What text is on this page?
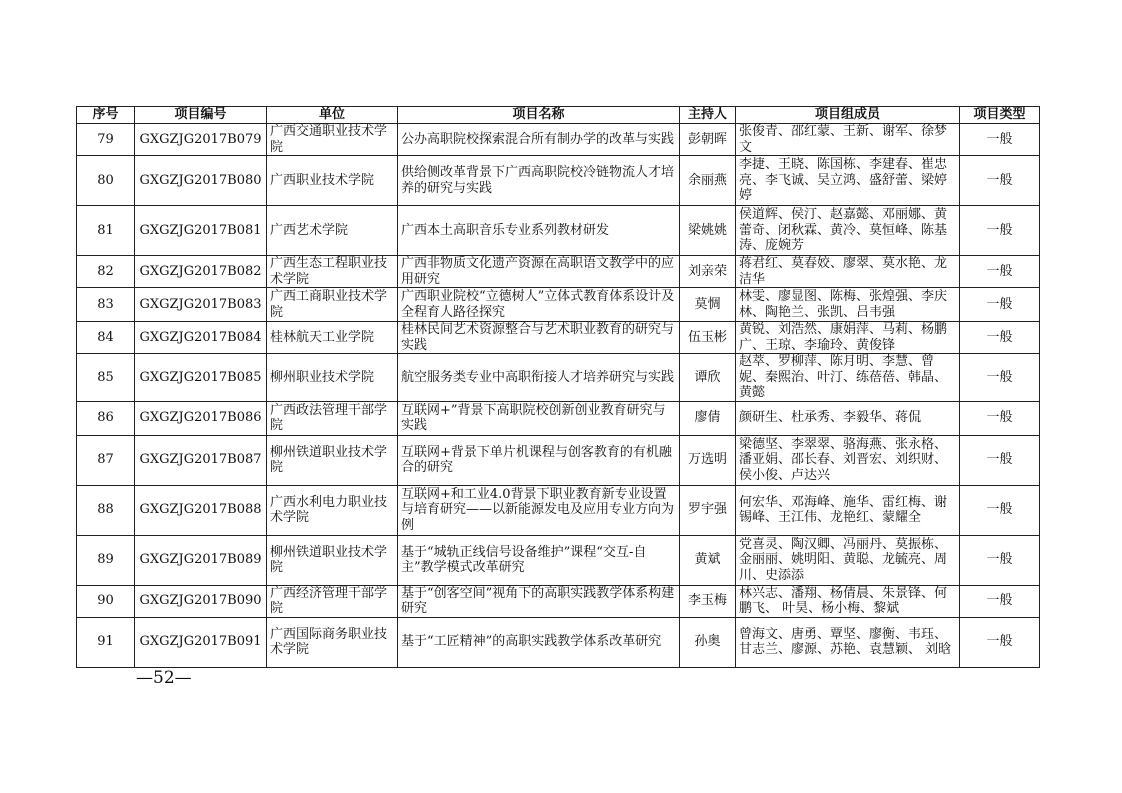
序号	项目编号	单位	项目名称	主持人	项目组成员	项目类型
79	GXGZJG2017B079	广西交通职业技术学院	公办高职院校探索混合所有制办学的改革与实践	彭朝晖	张俊青、邵红蒙、王新、谢军、徐梦文	一般
80	GXGZJG2017B080	广西职业技术学院	供给侧改革背景下广西高职院校冷链物流人才培养的研究与实践	余丽燕	李捷、王晓、陈国栋、李建春、崔忠亮、李飞诚、吴立鸿、盛舒蕾、梁婷婷	一般
81	GXGZJG2017B081	广西艺术学院	广西本土高职音乐专业系列教材研发	梁姚姚	侯道辉、侯汀、赵嘉懿、邓丽娜、黄蕾奇、闭秋霖、黄冷、莫恒峰、陈基涛、庞婉芳	一般
82	GXGZJG2017B082	广西生态工程职业技术学院	广西非物质文化遗产资源在高职语文教学中的应用研究	刘亲荣	蒋君红、莫春姣、廖翠、莫水艳、龙洁华	一般
83	GXGZJG2017B083	广西工商职业技术学院	广西职业院校“立德树人”立体式教育体系设计及全程育人路径探究	莫惆	林雯、廖显图、陈梅、张煌强、李庆林、陶艳兰、张凯、吕韦强	一般
84	GXGZJG2017B084	桂林航天工业学院	桂林民间艺术资源整合与艺术职业教育的研究与实践	伍玉彬	黄锐、刘浩然、康娟萍、马莉、杨鹏广、王琼、李瑜玲、黄俊锋	一般
85	GXGZJG2017B085	柳州职业技术学院	航空服务类专业中高职衔接人才培养研究与实践	谭欣	赵萃、罗柳萍、陈月明、李慧、曾妮、秦熙治、叶汀、练蓓蓓、韩晶、黄懿	一般
86	GXGZJG2017B086	广西政法管理干部学院	互联网+”背景下高职院校创新创业教育研究与实践	廖倩	颜研生、杜承秀、李毅华、蒋侃	一般
87	GXGZJG2017B087	柳州铁道职业技术学院	互联网+背景下单片机课程与创客教育的有机融合的研究	万选明	梁德坚、李翠翠、骆海燕、张永格、潘亚娟、邵长春、刘晋宏、刘织财、侯小俊、卢达兴	一般
88	GXGZJG2017B088	广西水利电力职业技术学院	互联网+和工业4.0背景下职业教育新专业设置与培育研究——以新能源发电及应用专业方向为例	罗宇强	何宏华、邓海峰、施华、雷红梅、谢锡峰、王江伟、龙艳红、蒙耀全	一般
89	GXGZJG2017B089	柳州铁道职业技术学院	基于“城轨正线信号设备维护”课程“交互-自主”教学模式改革研究	黄斌	党喜灵、陶汉卿、冯丽丹、莫振栋、金丽丽、姚明阳、黄聪、龙毓亮、周川、史添添	一般
90	GXGZJG2017B090	广西经济管理干部学院	基于“创客空间”视角下的高职实践教学体系构建研究	李玉梅	林兴志、潘翔、杨倩晨、朱景锋、何鹏飞、 叶昊、杨小梅、黎斌	一般
91	GXGZJG2017B091	广西国际商务职业技术学院	基于“工匠精神”的高职实践教学体系改革研究	孙奥	曾海文、唐勇、覃坚、廖衡、韦珏、甘志兰、廖源、苏艳、袁慧颖、 刘晗	一般
—52—
